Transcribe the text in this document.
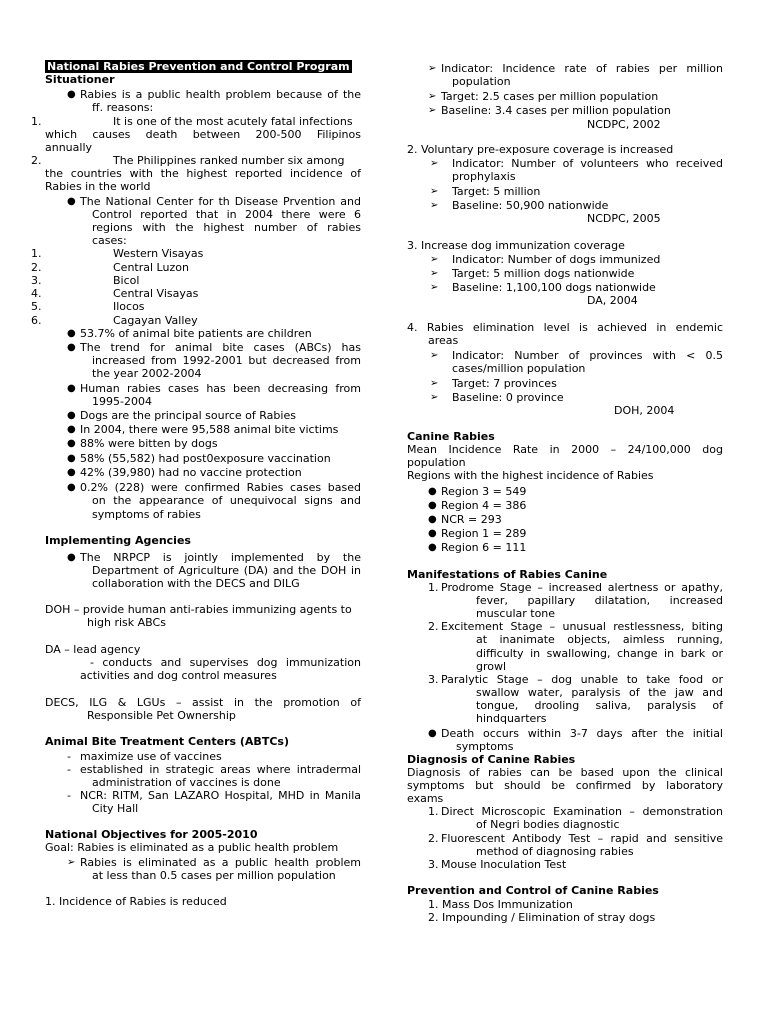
National Rabies Prevention and Control Program
Situationer
● Rabies is a public health problem because of the
ff. reasons:
1.	It is one of the most acutely fatal infections
which causes death between 200-500 Filipinos
annually
2.	The Philippines ranked number six among
the countries with the highest reported incidence of
Rabies in the world
● The National Center for th Disease Prvention and
Control reported that in 2004 there were 6
regions with the highest number of rabies
cases:
1.	Western Visayas
2.	Central Luzon
3.	Bicol
4.	Central Visayas
5.	Ilocos
6.	Cagayan Valley
● 53.7% of animal bite patients are children
● The trend for animal bite cases (ABCs) has
increased from 1992-2001 but decreased from
the year 2002-2004
● Human rabies cases has been decreasing from
1995-2004
● Dogs are the principal source of Rabies
● In 2004, there were 95,588 animal bite victims
● 88% were bitten by dogs
● 58% (55,582) had post0exposure vaccination
● 42% (39,980) had no vaccine protection
● 0.2% (228) were confirmed Rabies cases based
on the appearance of unequivocal signs and
symptoms of rabies
Implementing Agencies
● The NRPCP is jointly implemented by the
Department of Agriculture (DA) and the DOH in
collaboration with the DECS and DILG
DOH – provide human anti-rabies immunizing agents to
high risk ABCs
DA – lead agency
- conducts and supervises dog immunization
activities and dog control measures
DECS, ILG & LGUs – assist in the promotion of
Responsible Pet Ownership
Animal Bite Treatment Centers (ABTCs)
- maximize use of vaccines
- established in strategic areas where intradermal
administration of vaccines is done
- NCR: RITM, San LAZARO Hospital, MHD in Manila
City Hall
National Objectives for 2005-2010
Goal: Rabies is eliminated as a public health problem
➢ Rabies is eliminated as a public health problem
at less than 0.5 cases per million population
1. Incidence of Rabies is reduced
➢ Indicator: Incidence rate of rabies per million
population
➢ Target: 2.5 cases per million population
➢ Baseline: 3.4 cases per million population
NCDPC, 2002
2. Voluntary pre-exposure coverage is increased
➢ Indicator: Number of volunteers who received
prophylaxis
➢ Target: 5 million
➢ Baseline: 50,900 nationwide
NCDPC, 2005
3. Increase dog immunization coverage
➢ Indicator: Number of dogs immunized
➢ Target: 5 million dogs nationwide
➢ Baseline: 1,100,100 dogs nationwide
DA, 2004
4. Rabies elimination level is achieved in endemic
areas
➢ Indicator: Number of provinces with < 0.5
cases/million population
➢ Target: 7 provinces
➢ Baseline: 0 province
DOH, 2004
Canine Rabies
Mean Incidence Rate in 2000 – 24/100,000 dog
population
Regions with the highest incidence of Rabies
● Region 3 = 549
● Region 4 = 386
● NCR = 293
● Region 1 = 289
● Region 6 = 111
Manifestations of Rabies Canine
1. Prodrome Stage – increased alertness or apathy,
fever, papillary dilatation, increased
muscular tone
2. Excitement Stage – unusual restlessness, biting
at inanimate objects, aimless running,
difficulty in swallowing, change in bark or
growl
3. Paralytic Stage – dog unable to take food or
swallow water, paralysis of the jaw and
tongue, drooling saliva, paralysis of
hindquarters
● Death occurs within 3-7 days after the initial
symptoms
Diagnosis of Canine Rabies
Diagnosis of rabies can be based upon the clinical
symptoms but should be confirmed by laboratory
exams
1. Direct Microscopic Examination – demonstration
of Negri bodies diagnostic
2. Fluorescent Antibody Test – rapid and sensitive
method of diagnosing rabies
3. Mouse Inoculation Test
Prevention and Control of Canine Rabies
1. Mass Dos Immunization
2. Impounding / Elimination of stray dogs
